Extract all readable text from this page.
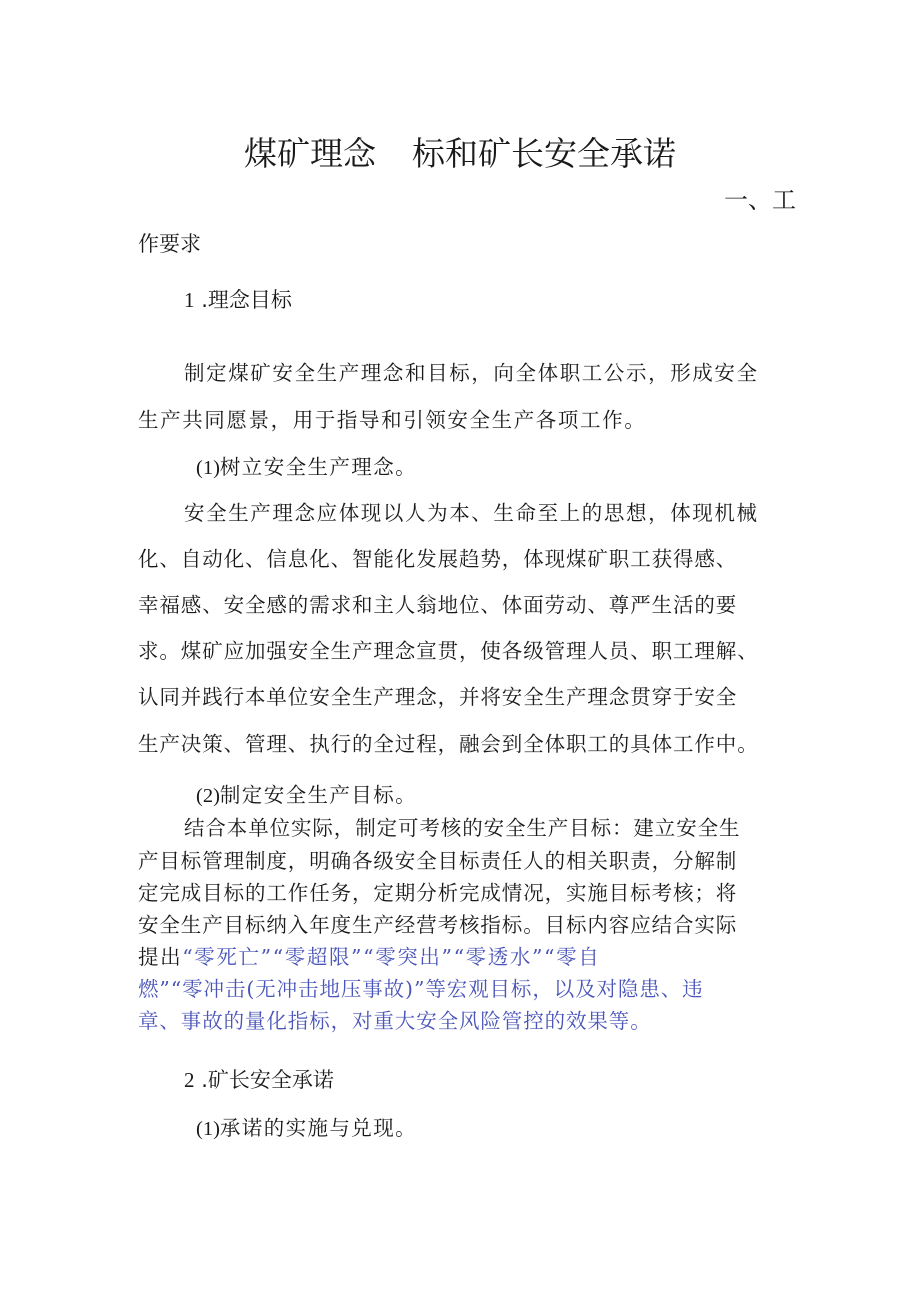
煤矿理念 标和矿长安全承诺
一、工
作要求
1 .理念目标
制定煤矿安全生产理念和目标，向全体职工公示，形成安全
生产共同愿景，用于指导和引领安全生产各项工作。
(1)树立安全生产理念。
安全生产理念应体现以人为本、生命至上的思想，体现机械
化、自动化、信息化、智能化发展趋势，体现煤矿职工获得感、
幸福感、安全感的需求和主人翁地位、体面劳动、尊严生活的要
求。煤矿应加强安全生产理念宣贯，使各级管理人员、职工理解、
认同并践行本单位安全生产理念，并将安全生产理念贯穿于安全
生产决策、管理、执行的全过程，融会到全体职工的具体工作中。
(2)制定安全生产目标。
结合本单位实际，制定可考核的安全生产目标：建立安全生
产目标管理制度，明确各级安全目标责任人的相关职责，分解制
定完成目标的工作任务，定期分析完成情况，实施目标考核；将
安全生产目标纳入年度生产经营考核指标。目标内容应结合实际
提出“零死亡”“零超限”“零突出”“零透水”“零自
燃”“零冲击(无冲击地压事故)”等宏观目标，以及对隐患、违
章、事故的量化指标，对重大安全风险管控的效果等。
2 .矿长安全承诺
(1)承诺的实施与兑现。
